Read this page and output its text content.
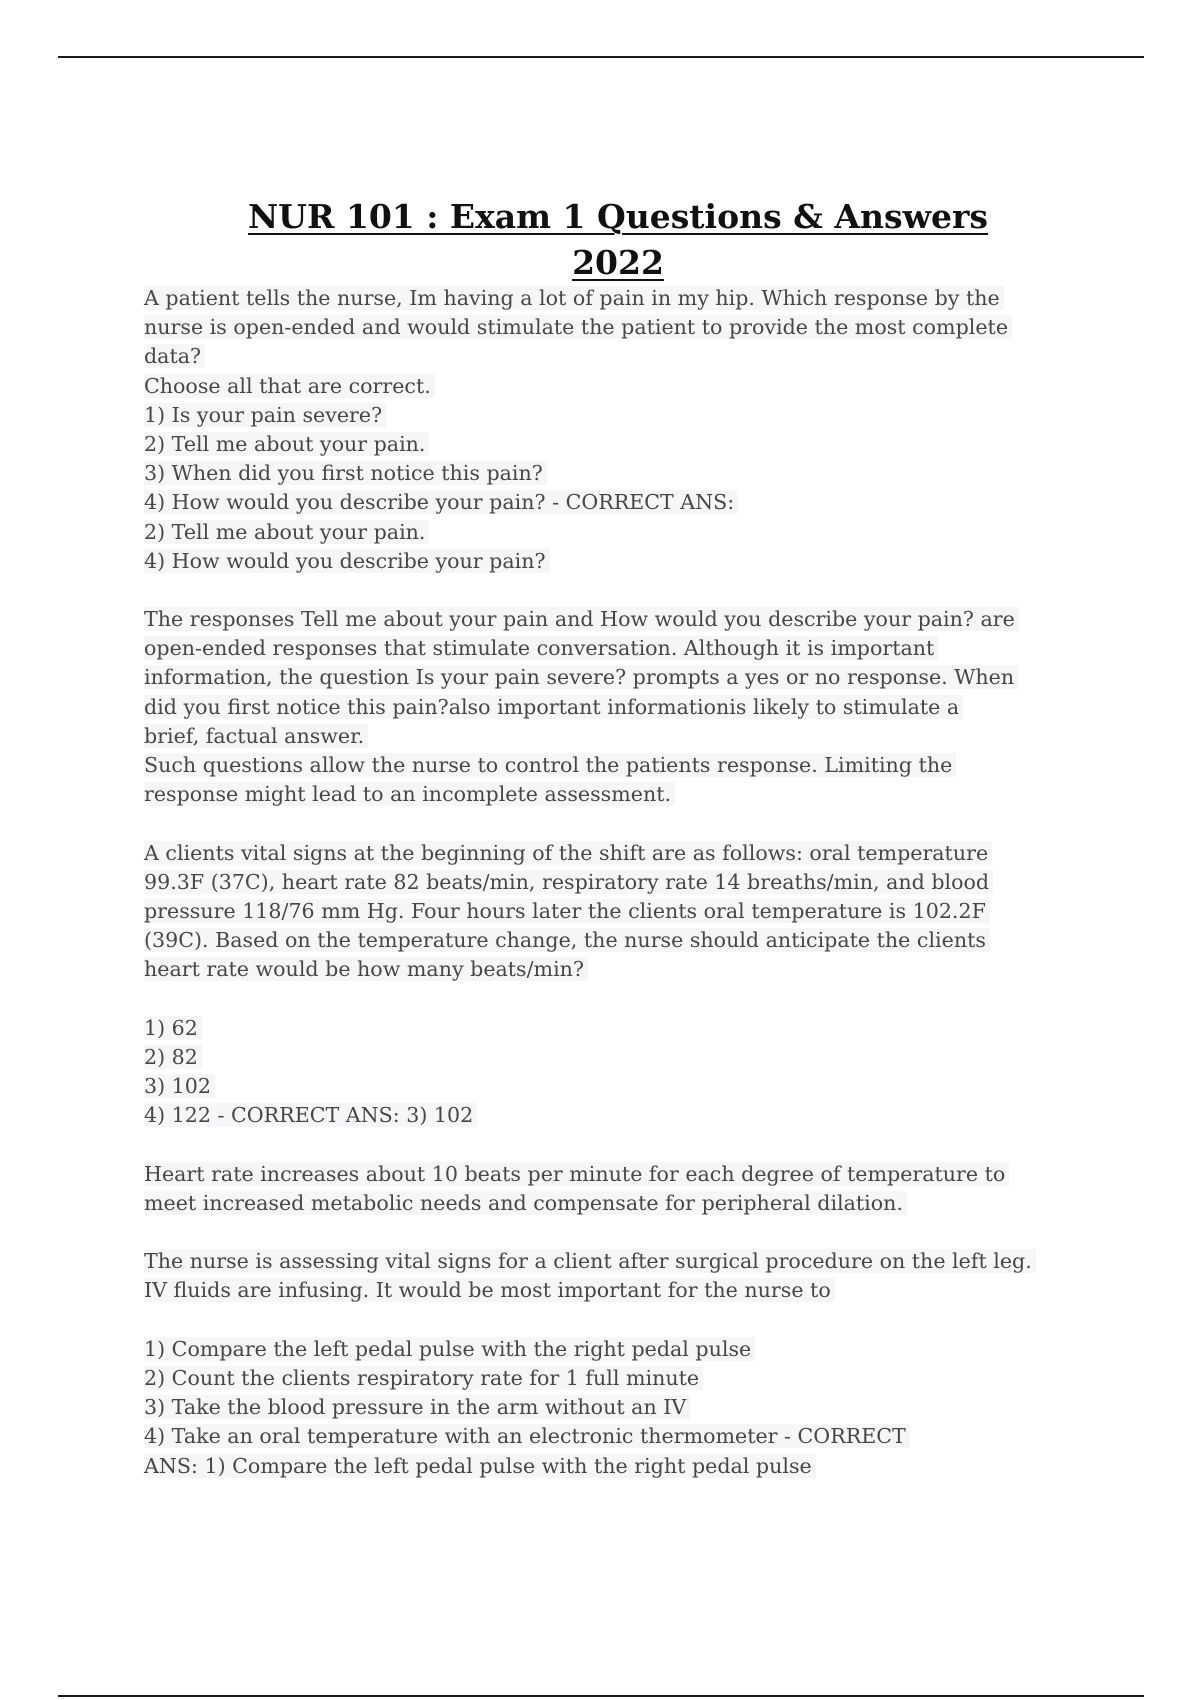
NUR 101 : Exam 1 Questions & Answers
2022
A patient tells the nurse, Im having a lot of pain in my hip. Which response by the
nurse is open-ended and would stimulate the patient to provide the most complete
data?
Choose all that are correct.
1) Is your pain severe?
2) Tell me about your pain.
3) When did you first notice this pain?
4) How would you describe your pain? - CORRECT ANS:
2) Tell me about your pain.
4) How would you describe your pain?
The responses Tell me about your pain and How would you describe your pain? are
open-ended responses that stimulate conversation. Although it is important
information, the question Is your pain severe? prompts a yes or no response. When
did you first notice this pain?also important informationis likely to stimulate a
brief, factual answer.
Such questions allow the nurse to control the patients response. Limiting the
response might lead to an incomplete assessment.
A clients vital signs at the beginning of the shift are as follows: oral temperature
99.3F (37C), heart rate 82 beats/min, respiratory rate 14 breaths/min, and blood
pressure 118/76 mm Hg. Four hours later the clients oral temperature is 102.2F
(39C). Based on the temperature change, the nurse should anticipate the clients
heart rate would be how many beats/min?
1) 62
2) 82
3) 102
4) 122 - CORRECT ANS: 3) 102
Heart rate increases about 10 beats per minute for each degree of temperature to
meet increased metabolic needs and compensate for peripheral dilation.
The nurse is assessing vital signs for a client after surgical procedure on the left leg.
IV fluids are infusing. It would be most important for the nurse to
1) Compare the left pedal pulse with the right pedal pulse
2) Count the clients respiratory rate for 1 full minute
3) Take the blood pressure in the arm without an IV
4) Take an oral temperature with an electronic thermometer - CORRECT
ANS: 1) Compare the left pedal pulse with the right pedal pulse
